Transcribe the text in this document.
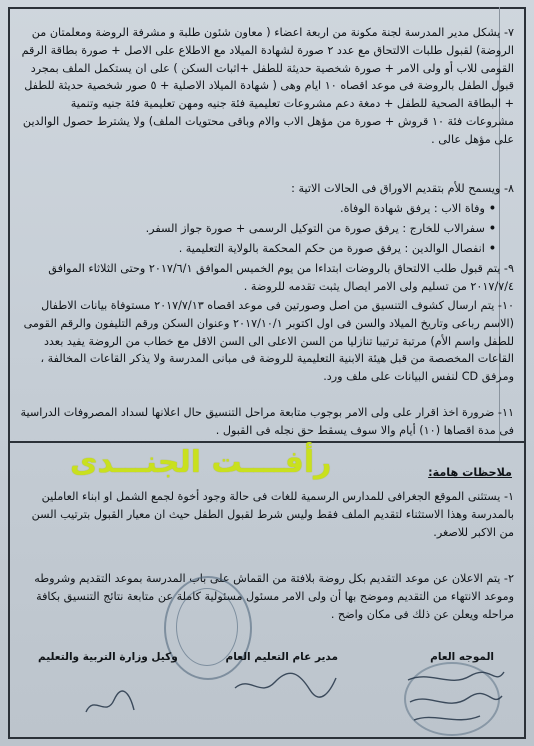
٧- يشكل مدير المدرسة لجنة مكونة من اربعة اعضاء ( معاون شئون طلبة و مشرفة الروضة ومعلمتان من الروضة) لقبول طلبات الالتحاق مع عدد ٢ صورة لشهادة الميلاد مع الاطلاع على الاصل + صورة بطاقة الرقم القومى للاب أو ولى الامر + صورة شخصية حديثة للطفل +اثبات السكن ) على ان يستكمل الملف بمجرد قبول الطفل بالروضة فى موعد اقصاه ١٠ ايام وهى ( شهادة الميلاد الاصلية + ٥ صور شخصية حديثة للطفل + البطاقة الصحية للطفل + دمغة دعم مشروعات تعليمية فئة جنيه ومهن تعليمية فئة جنيه وتنمية مشروعات فئة ١٠ قروش + صورة من مؤهل الاب والام وباقى محتويات الملف) ولا يشترط حصول الوالدين على مؤهل عالى .
٨- ويسمح للأم بتقديم الاوراق فى الحالات الاتية :
•وفاة الاب : يرفق شهادة الوفاة.
•سفرالاب للخارج : يرفق صورة من التوكيل الرسمى + صورة جواز السفر.
•انفصال الوالدين : يرفق صورة من حكم المحكمة بالولاية التعليمية .
٩- يتم قبول طلب الالتحاق بالروضات ابتداءا من يوم الخميس الموافق ٢٠١٧/٦/١ وحتى الثلاثاء الموافق ٢٠١٧/٧/٤ من تسليم ولى الامر ايصال يثبت تقدمه للروضة .
١٠- يتم ارسال كشوف التنسيق من اصل وصورتين فى موعد اقصاه ٢٠١٧/٧/١٣ مستوفاة بيانات الاطفال (الاسم رباعى وتاريخ الميلاد والسن فى اول اكتوبر ٢٠١٧/١٠/١ وعنوان السكن ورقم التليفون والرقم القومى للطفل واسم الأم) مرتبة ترتيبا تنازليا من السن الاعلى الى السن الاقل مع خطاب من الروضة يفيد بعدد القاعات المخصصة من قبل هيئة الابنية التعليمية للروضة فى مبانى المدرسة ولا يذكر القاعات المخالفة ، ومرفق CD لنفس البيانات على ملف ورد.
١١- ضرورة اخذ اقرار على ولى الامر بوجوب متابعة مراحل التنسيق حال اعلانها لسداد المصروفات الدراسية فى مدة اقصاها (١٠) أيام والا سوف يسقط حق نجله فى القبول .
رأفــــت الجنـــدى	ملاحظات هامة:
١- يستثنى الموقع الجغرافى للمدارس الرسمية للغات فى حالة وجود أخوة لجمع الشمل او ابناء العاملين بالمدرسة وهذا الاستثناء لتقديم الملف فقط وليس شرط لقبول الطفل حيث ان معيار القبول بترتيب السن من الاكبر للاصغر.
٢- يتم الاعلان عن موعد التقديم بكل روضة بلافتة من القماش على باب المدرسة بموعد التقديم وشروطه وموعد الانتهاء من التقديم وموضح بها أن ولى الامر مسئول مسئولية كاملة عن متابعة نتائج التنسيق بكافة مراحله ويعلن عن ذلك فى مكان واضح .
الموجه العام
مدير عام التعليم العام
وكيل وزارة التربية والتعليم
